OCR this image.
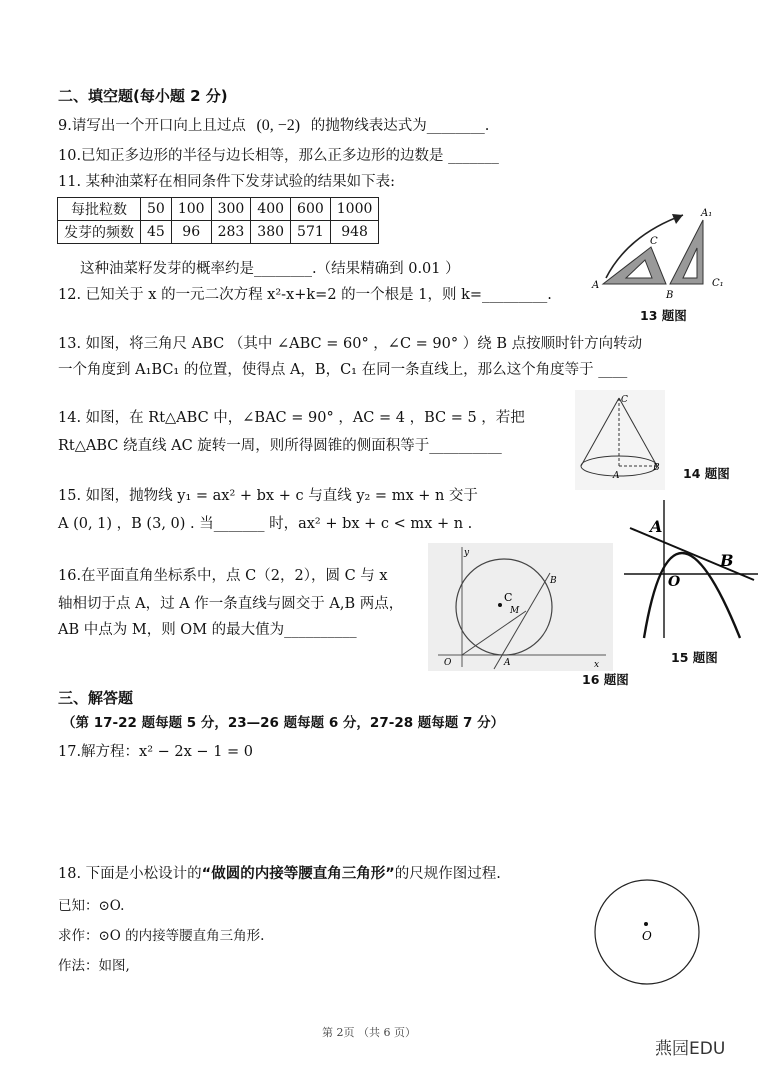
二、填空题(每小题 2 分)
9.请写出一个开口向上且过点 (0, −2) 的抛物线表达式为________.
10.已知正多边形的半径与边长相等，那么正多边形的边数是 _______
11. 某种油菜籽在相同条件下发芽试验的结果如下表:
每批粒数	50	100	300	400	600	1000
发芽的频数	45	96	283	380	571	948
这种油菜籽发芽的概率约是________.（结果精确到 0.01 ）
12. 已知关于 x 的一元二次方程 x²-x+k=2 的一个根是 1，则 k=_________.
A
B
C
A₁
C₁
13 题图
13. 如图，将三角尺 ABC （其中 ∠ABC = 60° ，∠C = 90° ）绕 B 点按顺时针方向转动
一个角度到 A₁BC₁ 的位置，使得点 A，B，C₁ 在同一条直线上，那么这个角度等于 ____
C
A
B 14 题图
14. 如图，在 Rt△ABC 中，∠BAC = 90° ，AC = 4 ，BC = 5 ，若把
Rt△ABC 绕直线 AC 旋转一周，则所得圆锥的侧面积等于__________
15. 如图，抛物线 y₁ = ax² + bx + c 与直线 y₂ = mx + n 交于
A (0, 1) ，B (3, 0) . 当_______ 时，ax² + bx + c < mx + n .	A
B
O
15 题图
16.在平面直角坐标系中，点 C（2，2），圆 C 与 x
轴相切于点 A，过 A 作一条直线与圆交于 A,B 两点，
AB 中点为 M，则 OM 的最大值为__________
y
x
O	A
B
C
M
16 题图
三、解答题
（第 17-22 题每题 5 分，23—26 题每题 6 分，27-28 题每题 7 分）
17.解方程：x² − 2x − 1 = 0
18. 下面是小松设计的“做圆的内接等腰直角三角形”的尺规作图过程.
已知：⊙O.
求作：⊙O 的内接等腰直角三角形.
作法：如图,
O
第 2页 （共 6 页）
燕园EDU
